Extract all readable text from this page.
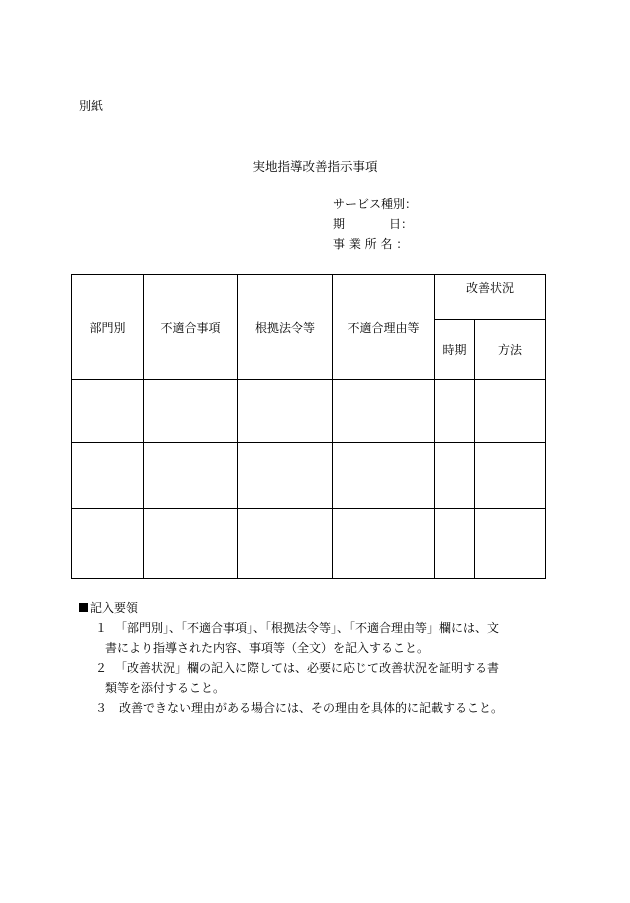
別紙
実地指導改善指示事項
サービス種別：
期	日：
事 業 所 名 ：
部門別	不適合事項	根拠法令等	不適合理由等	改善状況	
				時期	方法

記入要領
１ 「部門別」、「不適合事項」、「根拠法令等」、「不適合理由等」欄には、文
書により指導された内容、事項等（全文）を記入すること。
２ 「改善状況」欄の記入に際しては、必要に応じて改善状況を証明する書
類等を添付すること。
３ 改善できない理由がある場合には、その理由を具体的に記載すること。
